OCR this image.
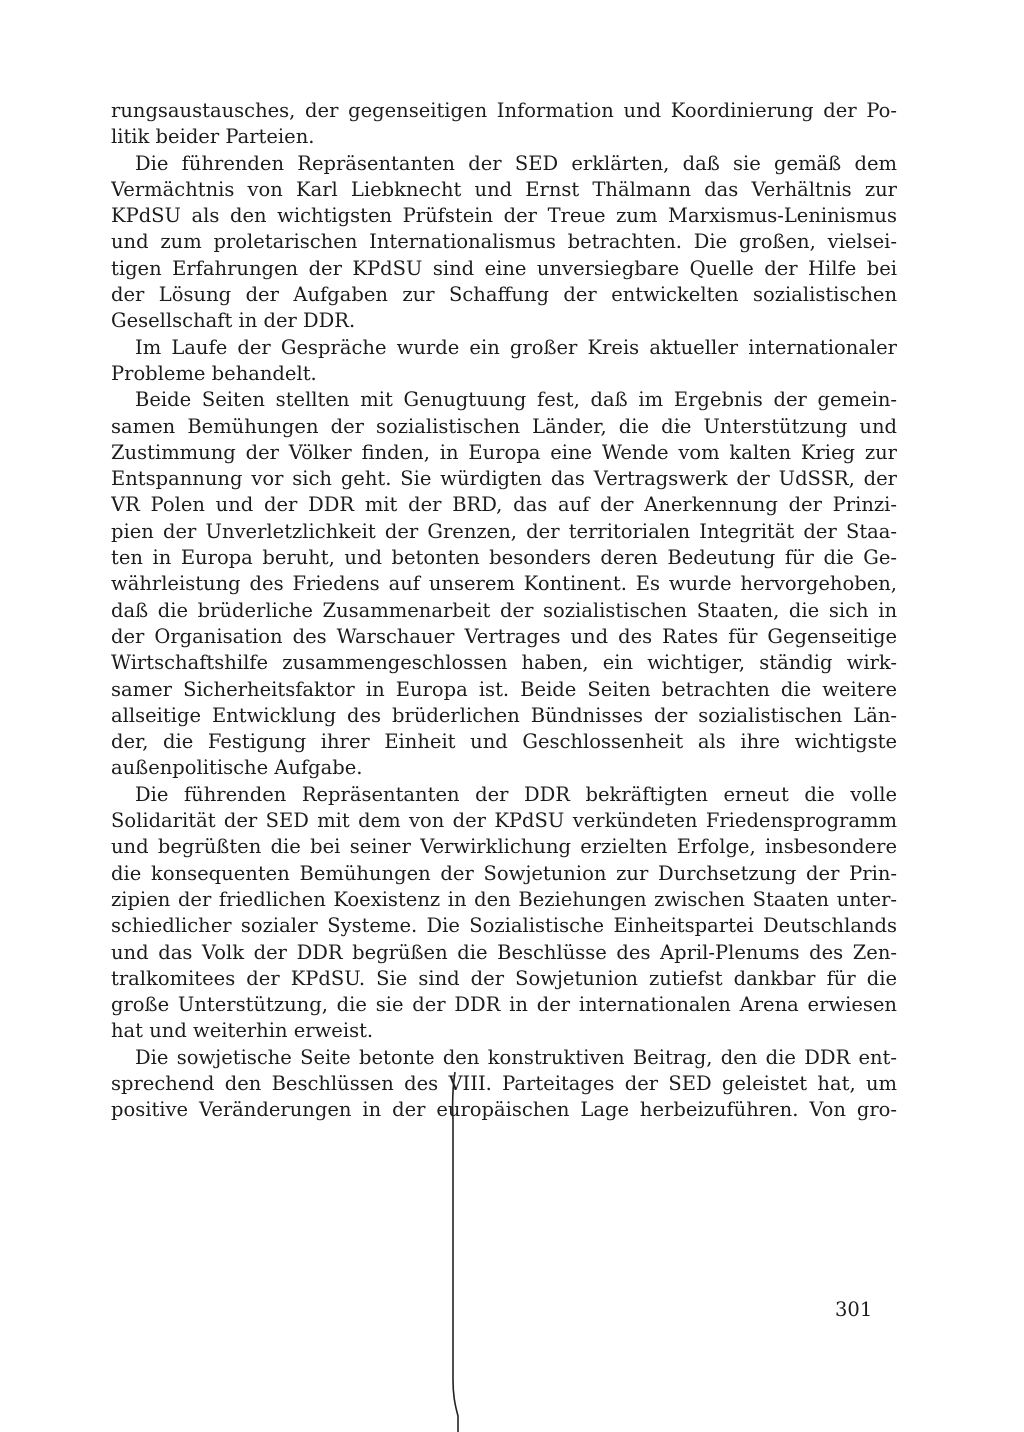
rungsaustausches, der gegenseitigen Information und Koordinierung der Po-
litik beider Parteien.
Die führenden Repräsentanten der SED erklärten, daß sie gemäß dem
Vermächtnis von Karl Liebknecht und Ernst Thälmann das Verhältnis zur
KPdSU als den wichtigsten Prüfstein der Treue zum Marxismus-Leninismus
und zum proletarischen Internationalismus betrachten. Die großen, vielsei-
tigen Erfahrungen der KPdSU sind eine unversiegbare Quelle der Hilfe bei
der Lösung der Aufgaben zur Schaffung der entwickelten sozialistischen
Gesellschaft in der DDR.
Im Laufe der Gespräche wurde ein großer Kreis aktueller internationaler
Probleme behandelt.
Beide Seiten stellten mit Genugtuung fest, daß im Ergebnis der gemein-
samen Bemühungen der sozialistischen Länder, die die Unterstützung und
Zustimmung der Völker finden, in Europa eine Wende vom kalten Krieg zur
Entspannung vor sich geht. Sie würdigten das Vertragswerk der UdSSR, der
VR Polen und der DDR mit der BRD, das auf der Anerkennung der Prinzi-
pien der Unverletzlichkeit der Grenzen, der territorialen Integrität der Staa-
ten in Europa beruht, und betonten besonders deren Bedeutung für die Ge-
währleistung des Friedens auf unserem Kontinent. Es wurde hervorgehoben,
daß die brüderliche Zusammenarbeit der sozialistischen Staaten, die sich in
der Organisation des Warschauer Vertrages und des Rates für Gegenseitige
Wirtschaftshilfe zusammengeschlossen haben, ein wichtiger, ständig wirk-
samer Sicherheitsfaktor in Europa ist. Beide Seiten betrachten die weitere
allseitige Entwicklung des brüderlichen Bündnisses der sozialistischen Län-
der, die Festigung ihrer Einheit und Geschlossenheit als ihre wichtigste
außenpolitische Aufgabe.
Die führenden Repräsentanten der DDR bekräftigten erneut die volle
Solidarität der SED mit dem von der KPdSU verkündeten Friedensprogramm
und begrüßten die bei seiner Verwirklichung erzielten Erfolge, insbesondere
die konsequenten Bemühungen der Sowjetunion zur Durchsetzung der Prin-
zipien der friedlichen Koexistenz in den Beziehungen zwischen Staaten unter-
schiedlicher sozialer Systeme. Die Sozialistische Einheitspartei Deutschlands
und das Volk der DDR begrüßen die Beschlüsse des April-Plenums des Zen-
tralkomitees der KPdSU. Sie sind der Sowjetunion zutiefst dankbar für die
große Unterstützung, die sie der DDR in der internationalen Arena erwiesen
hat und weiterhin erweist.
Die sowjetische Seite betonte den konstruktiven Beitrag, den die DDR ent-
sprechend den Beschlüssen des VIII. Parteitages der SED geleistet hat, um
positive Veränderungen in der europäischen Lage herbeizuführen. Von gro-
301
